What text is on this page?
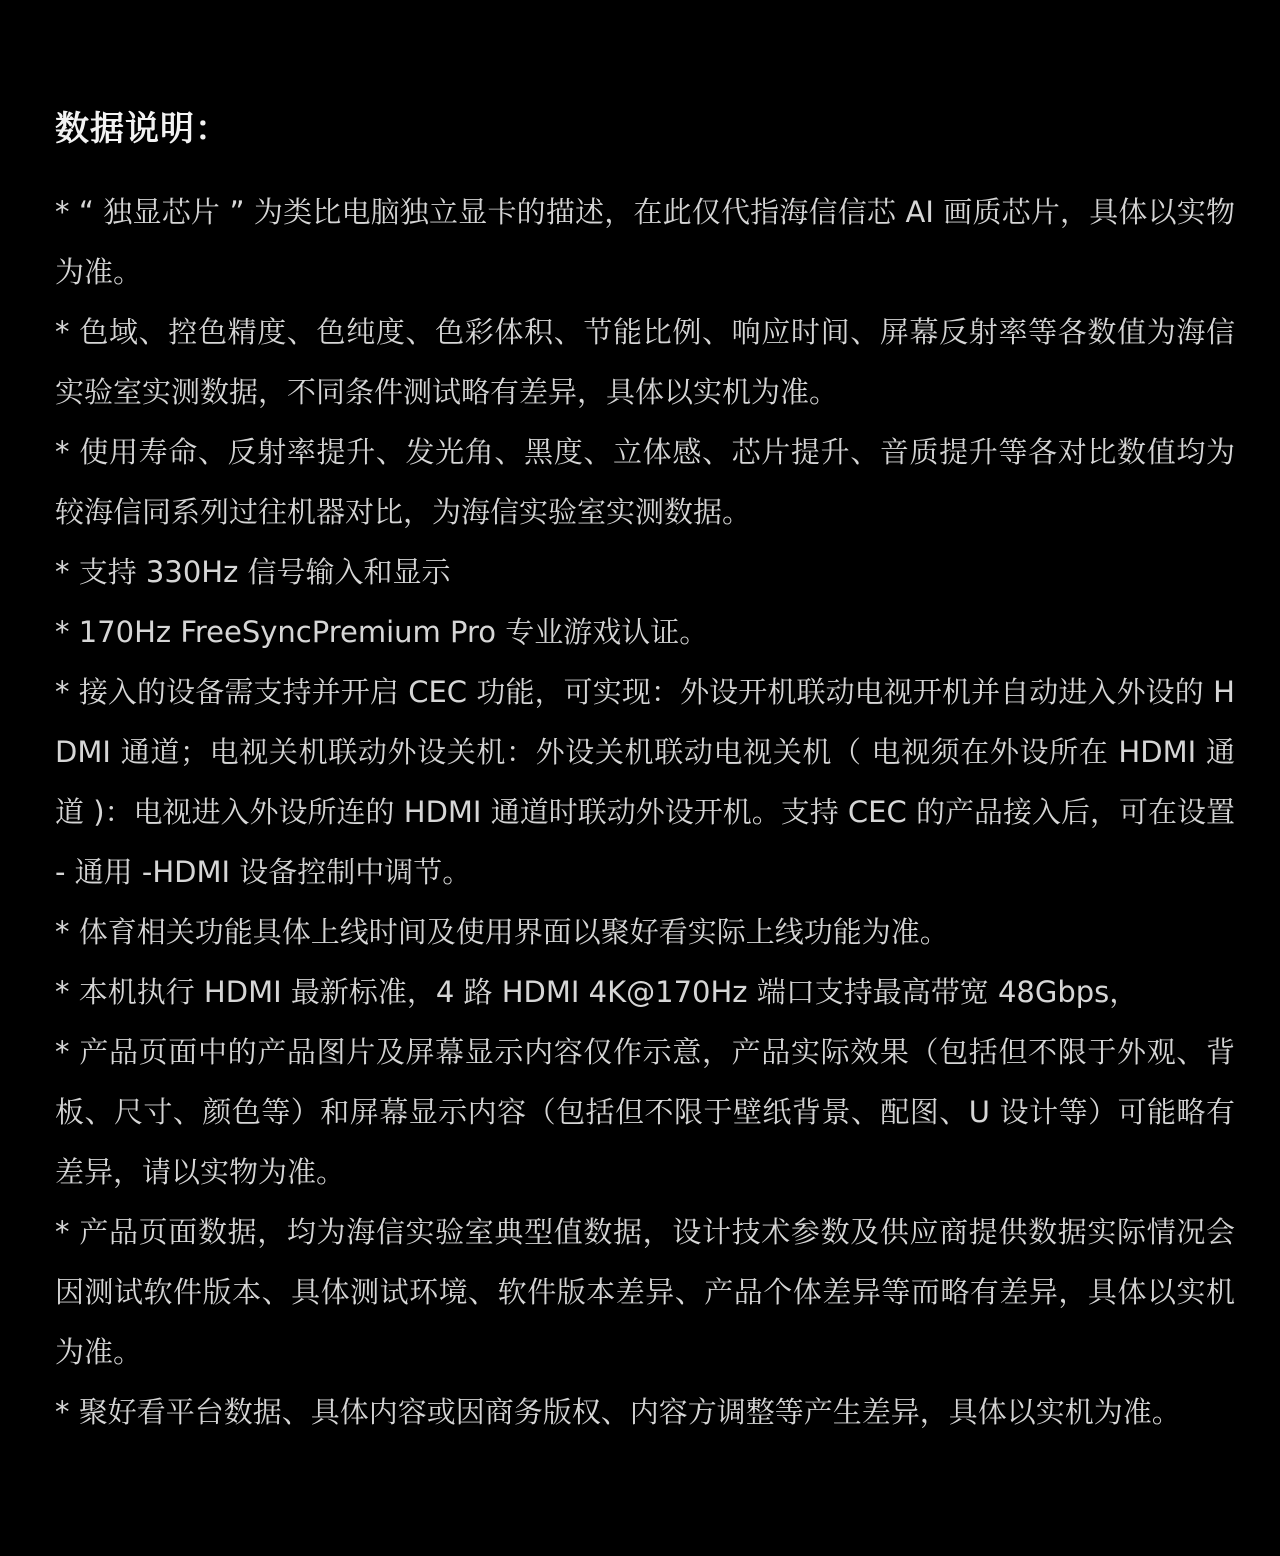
数据说明：
* “ 独显芯片 ” 为类比电脑独立显卡的描述，在此仅代指海信信芯 AI 画质芯片，具体以实物为准。
* 色域、控色精度、色纯度、色彩体积、节能比例、响应时间、屏幕反射率等各数值为海信实验室实测数据，不同条件测试略有差异，具体以实机为准。
* 使用寿命、反射率提升、发光角、黑度、立体感、芯片提升、音质提升等各对比数值均为较海信同系列过往机器对比，为海信实验室实测数据。
* 支持 330Hz 信号输入和显示
* 170Hz FreeSyncPremium Pro 专业游戏认证。
* 接入的设备需支持并开启 CEC 功能，可实现：外设开机联动电视开机并自动进入外设的 HDMI 通道；电视关机联动外设关机：外设关机联动电视关机（ 电视须在外设所在 HDMI 通道 )：电视进入外设所连的 HDMI 通道时联动外设开机。支持 CEC 的产品接入后，可在设置 - 通用 -HDMI 设备控制中调节。
* 体育相关功能具体上线时间及使用界面以聚好看实际上线功能为准。
* 本机执行 HDMI 最新标准，4 路 HDMI 4K@170Hz 端口支持最高带宽 48Gbps，
* 产品页面中的产品图片及屏幕显示内容仅作示意，产品实际效果（包括但不限于外观、背板、尺寸、颜色等）和屏幕显示内容（包括但不限于壁纸背景、配图、U 设计等）可能略有差异，请以实物为准。
* 产品页面数据，均为海信实验室典型值数据，设计技术参数及供应商提供数据实际情况会因测试软件版本、具体测试环境、软件版本差异、产品个体差异等而略有差异，具体以实机为准。
* 聚好看平台数据、具体内容或因商务版权、内容方调整等产生差异，具体以实机为准。
